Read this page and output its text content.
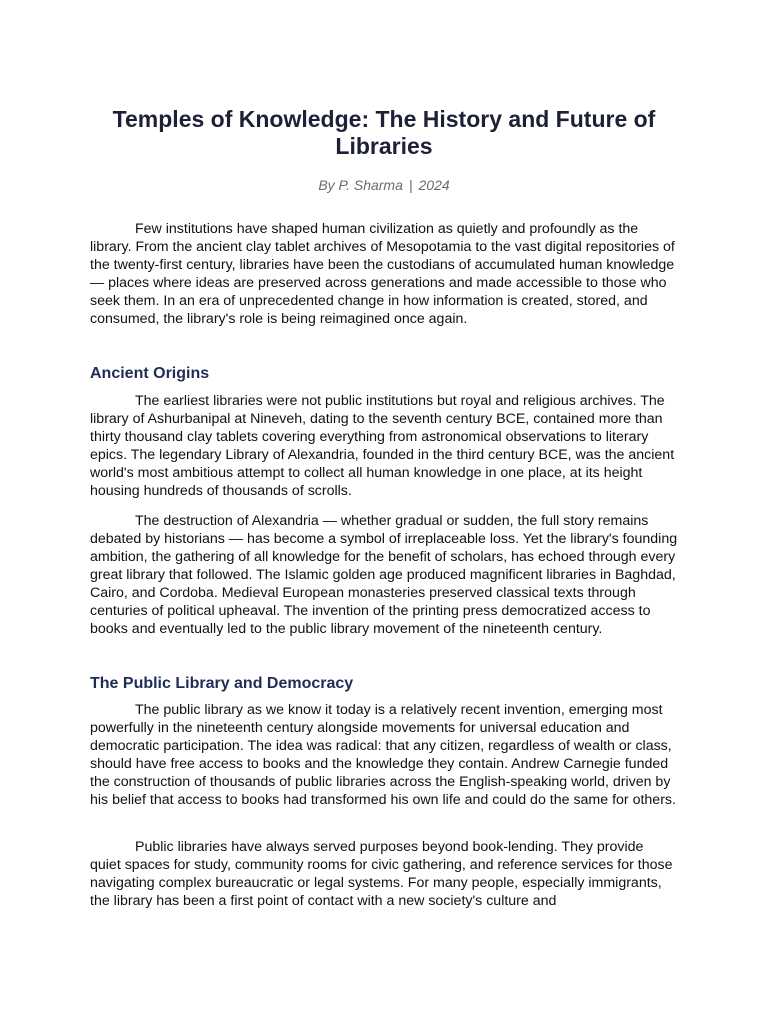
Temples of Knowledge: The History and Future of Libraries

By P. Sharma | 2024

Few institutions have shaped human civilization as quietly and profoundly as the library. From the ancient clay tablet archives of Mesopotamia to the vast digital repositories of the twenty-first century, libraries have been the custodians of accumulated human knowledge — places where ideas are preserved across generations and made accessible to those who seek them. In an era of unprecedented change in how information is created, stored, and consumed, the library's role is being reimagined once again.

Ancient Origins

The earliest libraries were not public institutions but royal and religious archives. The library of Ashurbanipal at Nineveh, dating to the seventh century BCE, contained more than thirty thousand clay tablets covering everything from astronomical observations to literary epics. The legendary Library of Alexandria, founded in the third century BCE, was the ancient world's most ambitious attempt to collect all human knowledge in one place, at its height housing hundreds of thousands of scrolls.

The destruction of Alexandria — whether gradual or sudden, the full story remains debated by historians — has become a symbol of irreplaceable loss. Yet the library's founding ambition, the gathering of all knowledge for the benefit of scholars, has echoed through every great library that followed. The Islamic golden age produced magnificent libraries in Baghdad, Cairo, and Cordoba. Medieval European monasteries preserved classical texts through centuries of political upheaval. The invention of the printing press democratized access to books and eventually led to the public library movement of the nineteenth century.

The Public Library and Democracy

The public library as we know it today is a relatively recent invention, emerging most powerfully in the nineteenth century alongside movements for universal education and democratic participation. The idea was radical: that any citizen, regardless of wealth or class, should have free access to books and the knowledge they contain. Andrew Carnegie funded the construction of thousands of public libraries across the English-speaking world, driven by his belief that access to books had transformed his own life and could do the same for others.

Public libraries have always served purposes beyond book-lending. They provide quiet spaces for study, community rooms for civic gathering, and reference services for those navigating complex bureaucratic or legal systems. For many people, especially immigrants, the library has been a first point of contact with a new society's culture and
